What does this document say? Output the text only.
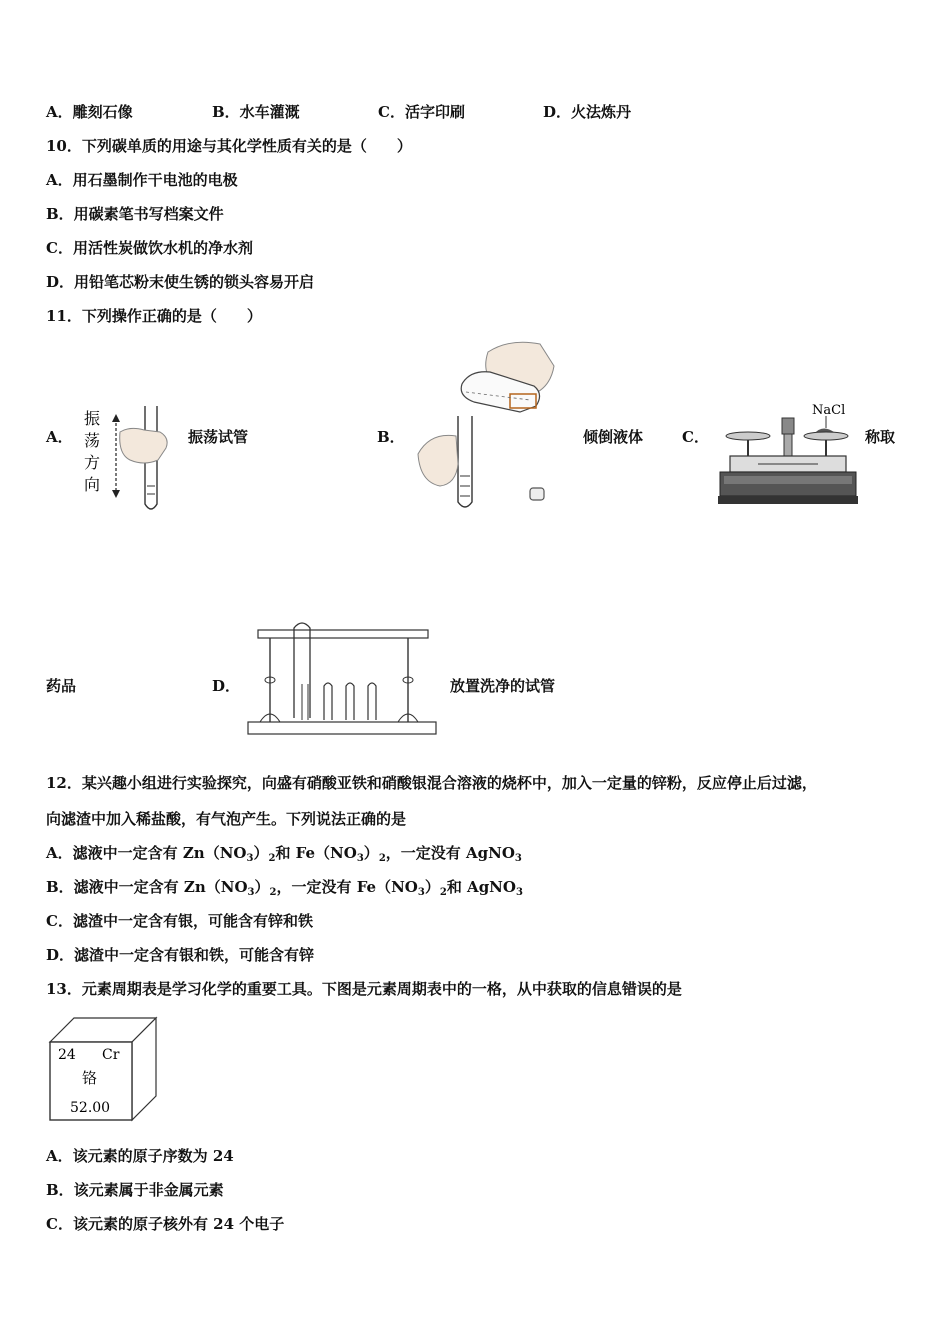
A．雕刻石像	B．水车灌溉	C．活字印刷	D．火法炼丹
10．下列碳单质的用途与其化学性质有关的是（　　）
A．用石墨制作干电池的电极
B．用碳素笔书写档案文件
C．用活性炭做饮水机的净水剂
D．用铅笔芯粉末使生锈的锁头容易开启
11．下列操作正确的是（　　）
A．
振
荡
方
向
振荡试管	B．	倾倒液体	C．
NaCl
称取
药品	D．	放置洗净的试管
12．某兴趣小组进行实验探究，向盛有硝酸亚铁和硝酸银混合溶液的烧杯中，加入一定量的锌粉，反应停止后过滤，
向滤渣中加入稀盐酸，有气泡产生。下列说法正确的是
A．滤液中一定含有 $Zn(NO_3)_2$和 $Fe(NO_3)_2$，一定没有 AgNO$_3$
B．滤液中一定含有 $Zn(NO_3)_2$，一定没有 $Fe(NO_3)_2$和 AgNO$_3$
C．滤渣中一定含有银，可能含有锌和铁
D．滤渣中一定含有银和铁，可能含有锌
13．元素周期表是学习化学的重要工具。下图是元素周期表中的一格，从中获取的信息错误的是
24 Cr
铬
52.00
A．该元素的原子序数为 24
B．该元素属于非金属元素
C．该元素的原子核外有 24 个电子
